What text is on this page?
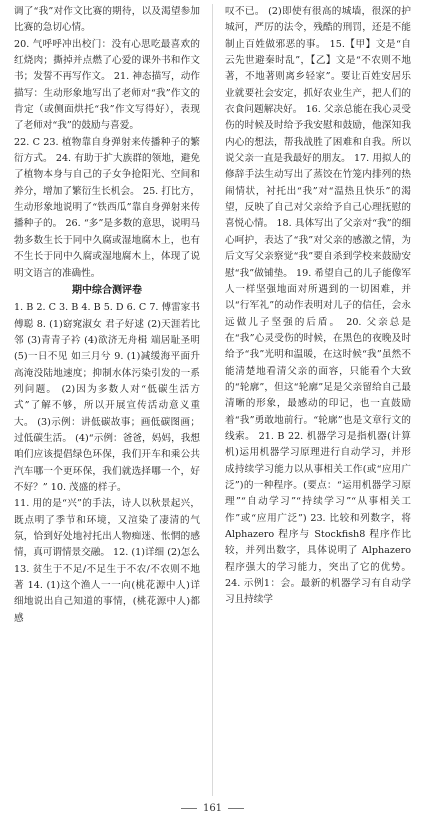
调了“我”对作文比赛的期待，以及渴望参加比赛的急切心情。

20. 气呼呼冲出校门：没有心思吃最喜欢的红烧肉；撕掉并点燃了心爱的课外书和作文书；发誓不再写作文。 21. 神态描写，动作描写：生动形象地写出了老师对“我”作文的肯定（或侧面烘托“我”作文写得好），表现了老师对“我”的鼓励与喜爱。

22. C 23. 植物靠自身弹射来传播种子的繁衍方式。 24. 有助于扩大族群的领地，避免了植物本身与自己的子女争抢阳光、空间和养分，增加了繁衍生长机会。 25. 打比方，生动形象地说明了“铁西瓜”靠自身弹射来传播种子的。 26. “多”是多数的意思，说明马勃多数生长于同中久腐或湿地腐木上，也有不生长于同中久腐或湿地腐木上，体现了说明文语言的准确性。

期中综合测评卷

1. B 2. C 3. B 4. B 5. D 6. C 7. 傅雷家书 傅聪 8. (1)窈窕淑女 君子好逑 (2)天涯若比邻 (3)青青子衿 (4)欲济无舟楫 端居耻圣明 (5)一日不见 如三月兮 9. (1)减缓海平面升高淹没陆地速度；抑制水体污染引发的一系列问题。 (2)因为多数人对“低碳生活方式”了解不够，所以开展宣传活动意义重大。 (3)示例：讲低碳故事；画低碳图画；过低碳生活。 (4)“示例：爸爸，妈妈，我想咱们应该提倡绿色环保，我们开车和乘公共汽车哪一个更环保，我们就选择哪一个，好不好？” 10. 茂盛的样子。

11. 用的是“兴”的手法，诗人以秋景起兴，既点明了季节和环境，又渲染了凄清的气氛，恰到好处地衬托出人物痴迷、怅惘的感情，真可谓情景交融。 12. (1)详细 (2)怎么 13. 贫生于不足/不足生于不农/不农则不地著 14. (1)这个渔人一一向(桃花源中人)详细地说出自己知道的事情，(桃花源中人)都感

叹不已。 (2)即使有很高的城墙，很深的护城河，严厉的法令，残酷的刑罚，还是不能制止百姓做邪恶的事。 15.【甲】文是“自云先世避秦时乱”，【乙】文是“不农则不地著，不地著则离乡轻家”。要让百姓安居乐业就要社会安定，抓好农业生产，把人们的衣食问题解决好。 16. 父亲总能在我心灵受伤的时候及时给予我安慰和鼓励，他深知我内心的想法，帮我战胜了困难和自我。所以说父亲一直是我最好的朋友。 17. 用拟人的修辞手法生动写出了蒸饺在竹笼内排列的热闹情状，衬托出“我”对“温热且快乐”的渴望，反映了自己对父亲给予自己心理抚慰的喜悦心情。 18. 具体写出了父亲对“我”的细心呵护，表达了“我”对父亲的感激之情，为后文写父亲察觉“我”要自杀到学校来鼓励安慰“我”做铺垫。 19. 希望自己的儿子能像军人一样坚强地面对所遇到的一切困难，并以“行军礼”的动作表明对儿子的信任，会永远做儿子坚强的后盾。 20. 父亲总是在“我”心灵受伤的时候，在黑色的夜晚及时给予“我”光明和温暖，在这时候“我”虽然不能清楚地看清父亲的面容，只能看个大致的“轮廓”，但这“轮廓”足是父亲留给自己最清晰的形象，最感动的印记，也一直鼓励着“我”勇敢地前行。“轮廓”也是文章行文的线索。 21. B 22. 机器学习是指机器(计算机)运用机器学习原理进行自动学习，并形成持续学习能力以从事相关工作(或“应用广泛”)的一种程序。(要点：“运用机器学习原理”“自动学习”“持续学习”“从事相关工作”或“应用广泛”) 23. 比较和列数字，将 Alphazero 程序与 Stockfish8 程序作比较，并列出数字，具体说明了 Alphazero 程序强大的学习能力，突出了它的优势。 24. 示例1：会。最新的机器学习有自动学习且持续学

161
